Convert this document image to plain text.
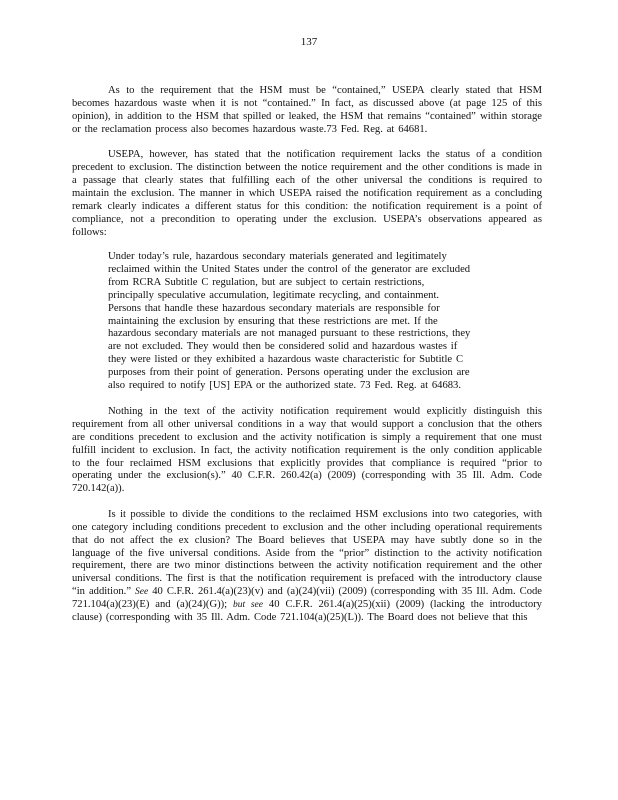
137

As to the requirement that the HSM must be “contained,” USEPA clearly stated that HSM becomes hazardous waste when it is not “contained.” In fact, as discussed above (at page 125 of this opinion), in addition to the HSM that spilled or leaked, the HSM that remains “contained” within storage or the reclamation process also becomes hazardous waste.73 Fed. Reg. at 64681.

USEPA, however, has stated that the notification requirement lacks the status of a condition precedent to exclusion. The distinction between the notice requirement and the other conditions is made in a passage that clearly states that fulfilling each of the other universal the conditions is required to maintain the exclusion. The manner in which USEPA raised the notification requirement as a concluding remark clearly indicates a different status for this condition: the notification requirement is a point of compliance, not a precondition to operating under the exclusion. USEPA’s observations appeared as follows:

Under today’s rule, hazardous secondary materials generated and legitimately reclaimed within the United States under the control of the generator are excluded from RCRA Subtitle C regulation, but are subject to certain restrictions, principally speculative accumulation, legitimate recycling, and containment. Persons that handle these hazardous secondary materials are responsible for maintaining the exclusion by ensuring that these restrictions are met. If the hazardous secondary materials are not managed pursuant to these restrictions, they are not excluded. They would then be considered solid and hazardous wastes if they were listed or they exhibited a hazardous waste characteristic for Subtitle C purposes from their point of generation. Persons operating under the exclusion are also required to notify [US] EPA or the authorized state. 73 Fed. Reg. at 64683.

Nothing in the text of the activity notification requirement would explicitly distinguish this requirement from all other universal conditions in a way that would support a conclusion that the others are conditions precedent to exclusion and the activity notification is simply a requirement that one must fulfill incident to exclusion. In fact, the activity notification requirement is the only condition applicable to the four reclaimed HSM exclusions that explicitly provides that compliance is required “prior to operating under the exclusion(s).” 40 C.F.R. 260.42(a) (2009) (corresponding with 35 Ill. Adm. Code 720.142(a)).

Is it possible to divide the conditions to the reclaimed HSM exclusions into two categories, with one category including conditions precedent to exclusion and the other including operational requirements that do not affect the ex clusion? The Board believes that USEPA may have subtly done so in the language of the five universal conditions. Aside from the “prior” distinction to the activity notification requirement, there are two minor distinctions between the activity notification requirement and the other universal conditions. The first is that the notification requirement is prefaced with the introductory clause “in addition.” See 40 C.F.R. 261.4(a)(23)(v) and (a)(24)(vii) (2009) (corresponding with 35 Ill. Adm. Code 721.104(a)(23)(E) and (a)(24)(G)); but see 40 C.F.R. 261.4(a)(25)(xii) (2009) (lacking the introductory clause) (corresponding with 35 Ill. Adm. Code 721.104(a)(25)(L)). The Board does not believe that this
